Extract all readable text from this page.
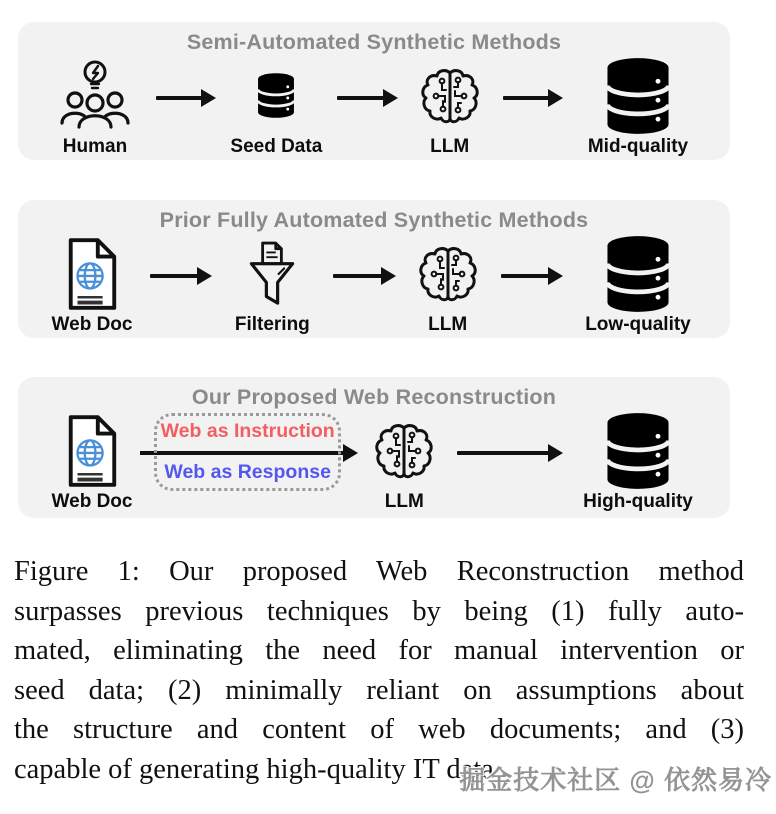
Semi-Automated Synthetic Methods
Human	Seed Data	LLM	Mid-quality
Prior Fully Automated Synthetic Methods
Web Doc	Filtering	LLM	Low-quality
Our Proposed Web Reconstruction
Web Doc
Web as Instruction
Web as Response
LLM	High-quality
Figure 1: Our proposed Web Reconstruction method
surpasses previous techniques by being (1) fully auto-
mated, eliminating the need for manual intervention or
seed data; (2) minimally reliant on assumptions about
the structure and content of web documents; and (3)
capable of generating high-quality IT data.
掘金技术社区 @ 依然易冷
